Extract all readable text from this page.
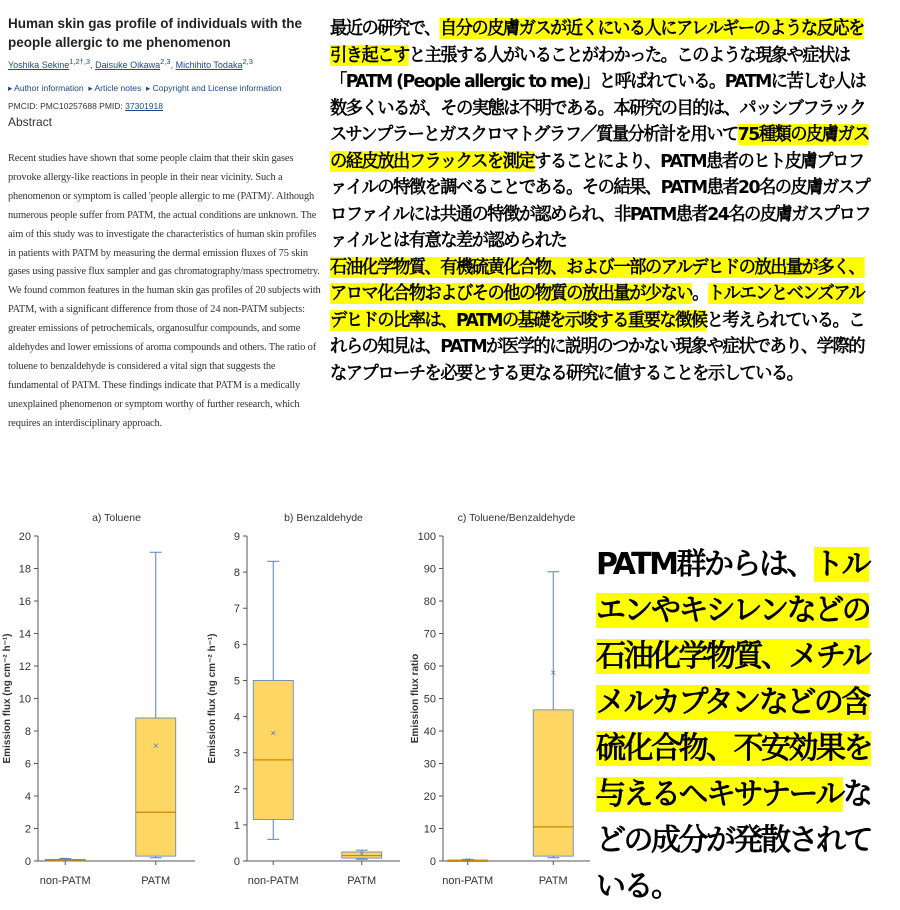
Human skin gas profile of individuals with the people allergic to me phenomenon
Yoshika Sekine$^{1,2\dagger,3}$, Daisuke Oikawa$^{2,3}$, Michihito Todaka$^{2,3}$
▸ Author information  ▸ Article notes  ▸ Copyright and License information
PMCID: PMC10257688 PMID: 37301918
Abstract
Recent studies have shown that some people claim that their skin gases provoke allergy-like reactions in people in their near vicinity. Such a phenomenon or symptom is called 'people allergic to me (PATM)'. Although numerous people suffer from PATM, the actual conditions are unknown. The aim of this study was to investigate the characteristics of human skin profiles in patients with PATM by measuring the dermal emission fluxes of 75 skin gases using passive flux sampler and gas chromatography/mass spectrometry. We found common features in the human skin gas profiles of 20 subjects with PATM, with a significant difference from those of 24 non-PATM subjects: greater emissions of petrochemicals, organosulfur compounds, and some aldehydes and lower emissions of aroma compounds and others. The ratio of toluene to benzaldehyde is considered a vital sign that suggests the fundamental of PATM. These findings indicate that PATM is a medically unexplained phenomenon or symptom worthy of further research, which requires an interdisciplinary approach.
最近の研究で、自分の皮膚ガスが近くにいる人にアレルギーのような反応を引き起こすと主張する人がいることがわかった。このような現象や症状は「PATM (People allergic to me)」と呼ばれている。PATMに苦しむ人は数多くいるが、その実態は不明である。本研究の目的は、パッシブフラックスサンプラーとガスクロマトグラフ／質量分析計を用いて75種類の皮膚ガスの経皮放出フラックスを測定することにより、PATM患者のヒト皮膚プロファイルの特徴を調べることである。その結果、PATM患者20名の皮膚ガスプロファイルには共通の特徴が認められ、非PATM患者24名の皮膚ガスプロファイルとは有意な差が認められた
石油化学物質、有機硫黄化合物、および一部のアルデヒドの放出量が多く、アロマ化合物およびその他の物質の放出量が少ない。トルエンとベンズアルデヒドの比率は、PATMの基礎を示唆する重要な徴候と考えられている。これらの知見は、PATMが医学的に説明のつかない現象や症状であり、学際的なアプローチを必要とする更なる研究に値することを示している。
a) Toluene
0
2
4
6
8
10
12
14
16
18
20
Emission flux (ng cm⁻² h⁻¹)
non-PATM
×
PATM
×
b) Benzaldehyde
0
1
2
3
4
5
6
7
8
9
Emission flux (ng cm⁻² h⁻¹)
non-PATM
×
PATM
×
c) Toluene/Benzaldehyde
0
10
20
30
40
50
60
70
80
90
100
Emission flux ratio
non-PATM
×
PATM
×
PATM群からは、トルエンやキシレンなどの石油化学物質、メチルメルカプタンなどの含硫化合物、不安効果を与えるヘキサナールなどの成分が発散されている。
